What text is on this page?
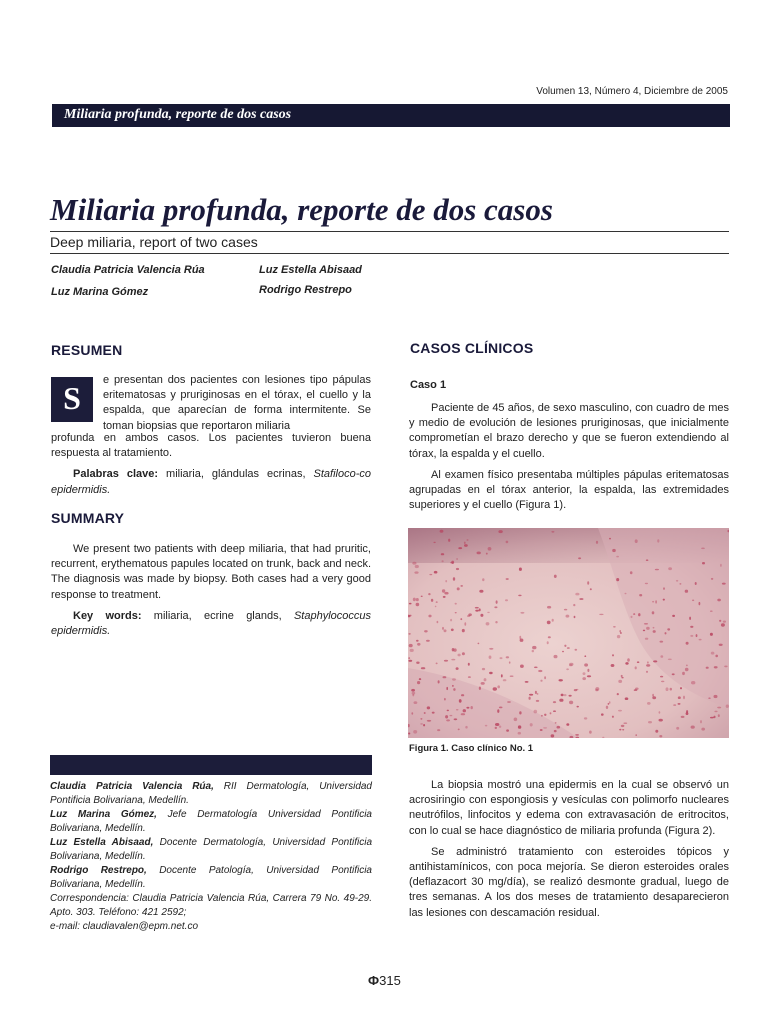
Volumen 13, Número 4, Diciembre de 2005
Miliaria profunda, reporte de dos casos
Miliaria profunda, reporte de dos casos
Deep miliaria, report of two cases
Claudia Patricia Valencia Rúa	Luz Estella Abisaad
Luz Marina Gómez	Rodrigo Restrepo
RESUMEN
S	e presentan dos pacientes con lesiones tipo pápulas eritematosas y pruriginosas en el tórax, el cuello y la espalda, que aparecían de forma intermitente. Se toman biopsias que reportaron miliaria

profunda en ambos casos. Los pacientes tuvieron buena respuesta al tratamiento.

Palabras clave: miliaria, glándulas ecrinas, Stafiloco-co epidermidis.

SUMMARY

We present two patients with deep miliaria, that had pruritic, recurrent, erythematous papules located on trunk, back and neck. The diagnosis was made by biopsy. Both cases had a very good response to treatment.

Key words: miliaria, ecrine glands, Staphylococcus epidermidis.

Claudia Patricia Valencia Rúa, RII Dermatología, Universidad Pontificia Bolivariana, Medellín.

Luz Marina Gómez, Jefe Dermatología Universidad Pontificia Bolivariana, Medellín.

Luz Estella Abisaad, Docente Dermatología, Universidad Pontificia Bolivariana, Medellín.

Rodrigo Restrepo, Docente Patología, Universidad Pontificia Bolivariana, Medellín.

Correspondencia: Claudia Patricia Valencia Rúa, Carrera 79 No. 49-29. Apto. 303. Teléfono: 421 2592;

e-mail: claudiavalen@epm.net.co

CASOS CLÍNICOS
Caso 1

Paciente de 45 años, de sexo masculino, con cuadro de mes y medio de evolución de lesiones pruriginosas, que inicialmente comprometían el brazo derecho y que se fueron extendiendo al tórax, la espalda y el cuello.

Al examen físico presentaba múltiples pápulas eritematosas agrupadas en el tórax anterior, la espalda, las extremidades superiores y el cuello (Figura 1).

Figura 1. Caso clínico No. 1

La biopsia mostró una epidermis en la cual se observó un acrosiringio con espongiosis y vesículas con polimorfo nucleares neutrófilos, linfocitos y edema con extravasación de eritrocitos, con lo cual se hace diagnóstico de miliaria profunda (Figura 2).

Se administró tratamiento con esteroides tópicos y antihistamínicos, con poca mejoría. Se dieron esteroides orales (deflazacort 30 mg/día), se realizó desmonte gradual, luego de tres semanas. A los dos meses de tratamiento desaparecieron las lesiones con descamación residual.

Ф315
